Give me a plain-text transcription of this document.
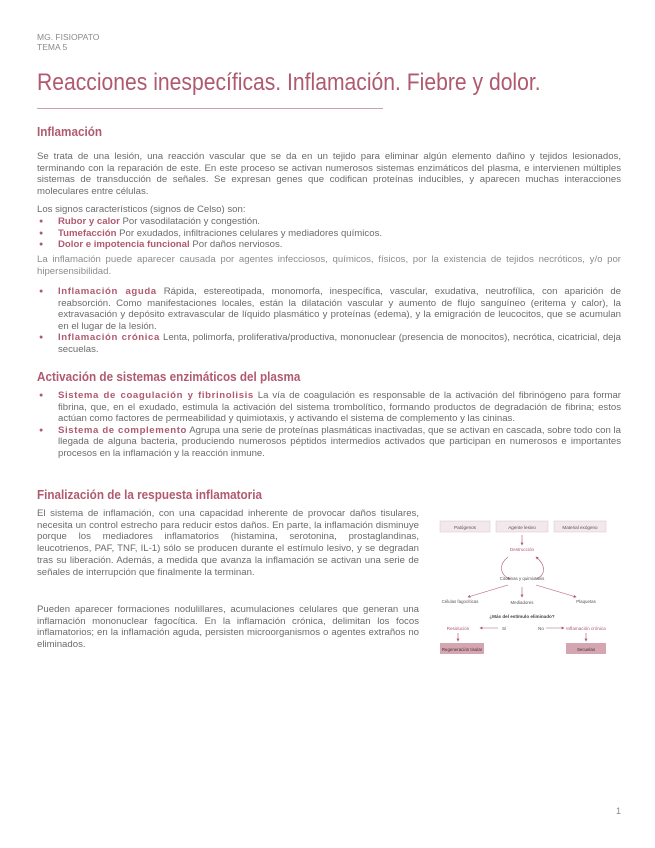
MG. FISIOPATO
TEMA 5
Reacciones inespecíficas. Inflamación. Fiebre y dolor.
Inflamación

Se trata de una lesión, una reacción vascular que se da en un tejido para eliminar algún elemento dañino y tejidos lesionados, terminando con la reparación de este. En este proceso se activan numerosos sistemas enzimáticos del plasma, e intervienen múltiples sistemas de transducción de señales. Se expresan genes que codifican proteínas inducibles, y aparecen muchas interacciones moleculares entre células.

Los signos característicos (signos de Celso) son:

● Rubor y calor Por vasodilatación y congestión.
● Tumefacción Por exudados, infiltraciones celulares y mediadores químicos.
● Dolor e impotencia funcional Por daños nerviosos.

La inflamación puede aparecer causada por agentes infecciosos, químicos, físicos, por la existencia de tejidos necróticos, y/o por hipersensibilidad.

● Inflamación aguda Rápida, estereotipada, monomorfa, inespecífica, vascular, exudativa, neutrofílica, con aparición de reabsorción. Como manifestaciones locales, están la dilatación vascular y aumento de flujo sanguíneo (eritema y calor), la extravasación y depósito extravascular de líquido plasmático y proteínas (edema), y la emigración de leucocitos, que se acumulan en el lugar de la lesión.
● Inflamación crónica Lenta, polimorfa, proliferativa/productiva, mononuclear (presencia de monocitos), necrótica, cicatricial, deja secuelas.
Activación de sistemas enzimáticos del plasma
● Sistema de coagulación y fibrinolisis La vía de coagulación es responsable de la activación del fibrinógeno para formar fibrina, que, en el exudado, estimula la activación del sistema trombolítico, formando productos de degradación de fibrina; estos actúan como factores de permeabilidad y quimiotaxis, y activando el sistema de complemento y las cininas.
● Sistema de complemento Agrupa una serie de proteínas plasmáticas inactivadas, que se activan en cascada, sobre todo con la llegada de alguna bacteria, produciendo numerosos péptidos intermedios activados que participan en numerosos e importantes procesos en la inflamación y la reacción inmune.
Finalización de la respuesta inflamatoria

El sistema de inflamación, con una capacidad inherente de provocar daños tisulares, necesita un control estrecho para reducir estos daños. En parte, la inflamación disminuye porque los mediadores inflamatorios (histamina, serotonina, prostaglandinas, leucotrienos, PAF, TNF, IL-1) sólo se producen durante el estímulo lesivo, y se degradan tras su liberación. Además, a medida que avanza la inflamación se activan una serie de señales de interrupción que finalmente la terminan.

Pueden aparecer formaciones nodulillares, acumulaciones celulares que generan una inflamación mononuclear fagocítica. En la inflamación crónica, delimitan los focos inflamatorios; en la inflamación aguda, persisten microorganismos o agentes extraños no eliminados.

Patógenos	Agente lesivo	Material exógeno
Destrucción
Citocinas y quimiotaxis
Células fagocíticas	Mediadores	Plaquetas
¿Más del estímulo eliminado?
Sí	No
Resolución	Inflamación crónica
Regeneración tisular	Secuelas
1
